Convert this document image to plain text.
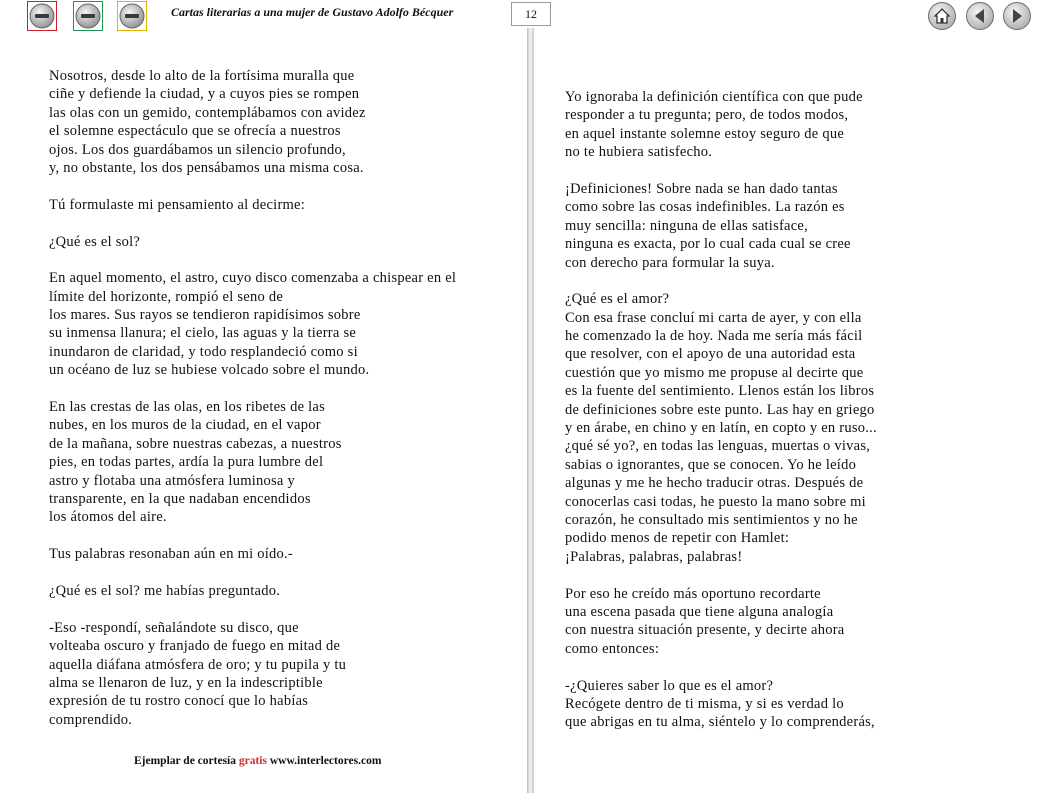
Cartas literarias a una mujer de Gustavo Adolfo Bécquer	12
Nosotros, desde lo alto de la fortísima muralla que
ciñe y defiende la ciudad, y a cuyos pies se rompen
las olas con un gemido, contemplábamos con avidez
el solemne espectáculo que se ofrecía a nuestros
ojos. Los dos guardábamos un silencio profundo,
y, no obstante, los dos pensábamos una misma cosa.
Tú formulaste mi pensamiento al decirme:
¿Qué es el sol?
En aquel momento, el astro, cuyo disco comenzaba a chispear en el
límite del horizonte, rompió el seno de
los mares. Sus rayos se tendieron rapidísimos sobre
su inmensa llanura; el cielo, las aguas y la tierra se
inundaron de claridad, y todo resplandeció como si
un océano de luz se hubiese volcado sobre el mundo.
En las crestas de las olas, en los ribetes de las
nubes, en los muros de la ciudad, en el vapor
de la mañana, sobre nuestras cabezas, a nuestros
pies, en todas partes, ardía la pura lumbre del
astro y flotaba una atmósfera luminosa y
transparente, en la que nadaban encendidos
los átomos del aire.
Tus palabras resonaban aún en mi oído.-
¿Qué es el sol? me habías preguntado.
-Eso -respondí, señalándote su disco, que
volteaba oscuro y franjado de fuego en mitad de
aquella diáfana atmósfera de oro; y tu pupila y tu
alma se llenaron de luz, y en la indescriptible
expresión de tu rostro conocí que lo habías
comprendido.
Yo ignoraba la definición científica con que pude
responder a tu pregunta; pero, de todos modos,
en aquel instante solemne estoy seguro de que
no te hubiera satisfecho.
¡Definiciones! Sobre nada se han dado tantas
como sobre las cosas indefinibles. La razón es
muy sencilla: ninguna de ellas satisface,
ninguna es exacta, por lo cual cada cual se cree
con derecho para formular la suya.
¿Qué es el amor?
Con esa frase concluí mi carta de ayer, y con ella
he comenzado la de hoy. Nada me sería más fácil
que resolver, con el apoyo de una autoridad esta
cuestión que yo mismo me propuse al decirte que
es la fuente del sentimiento. Llenos están los libros
de definiciones sobre este punto. Las hay en griego
y en árabe, en chino y en latín, en copto y en ruso...
¿qué sé yo?, en todas las lenguas, muertas o vivas,
sabias o ignorantes, que se conocen. Yo he leído
algunas y me he hecho traducir otras. Después de
conocerlas casi todas, he puesto la mano sobre mi
corazón, he consultado mis sentimientos y no he
podido menos de repetir con Hamlet:
¡Palabras, palabras, palabras!
Por eso he creído más oportuno recordarte
una escena pasada que tiene alguna analogía
con nuestra situación presente, y decirte ahora
como entonces:
-¿Quieres saber lo que es el amor?
Recógete dentro de ti misma, y si es verdad lo
que abrigas en tu alma, siéntelo y lo comprenderás,
Ejemplar de cortesía gratis www.interlectores.com
